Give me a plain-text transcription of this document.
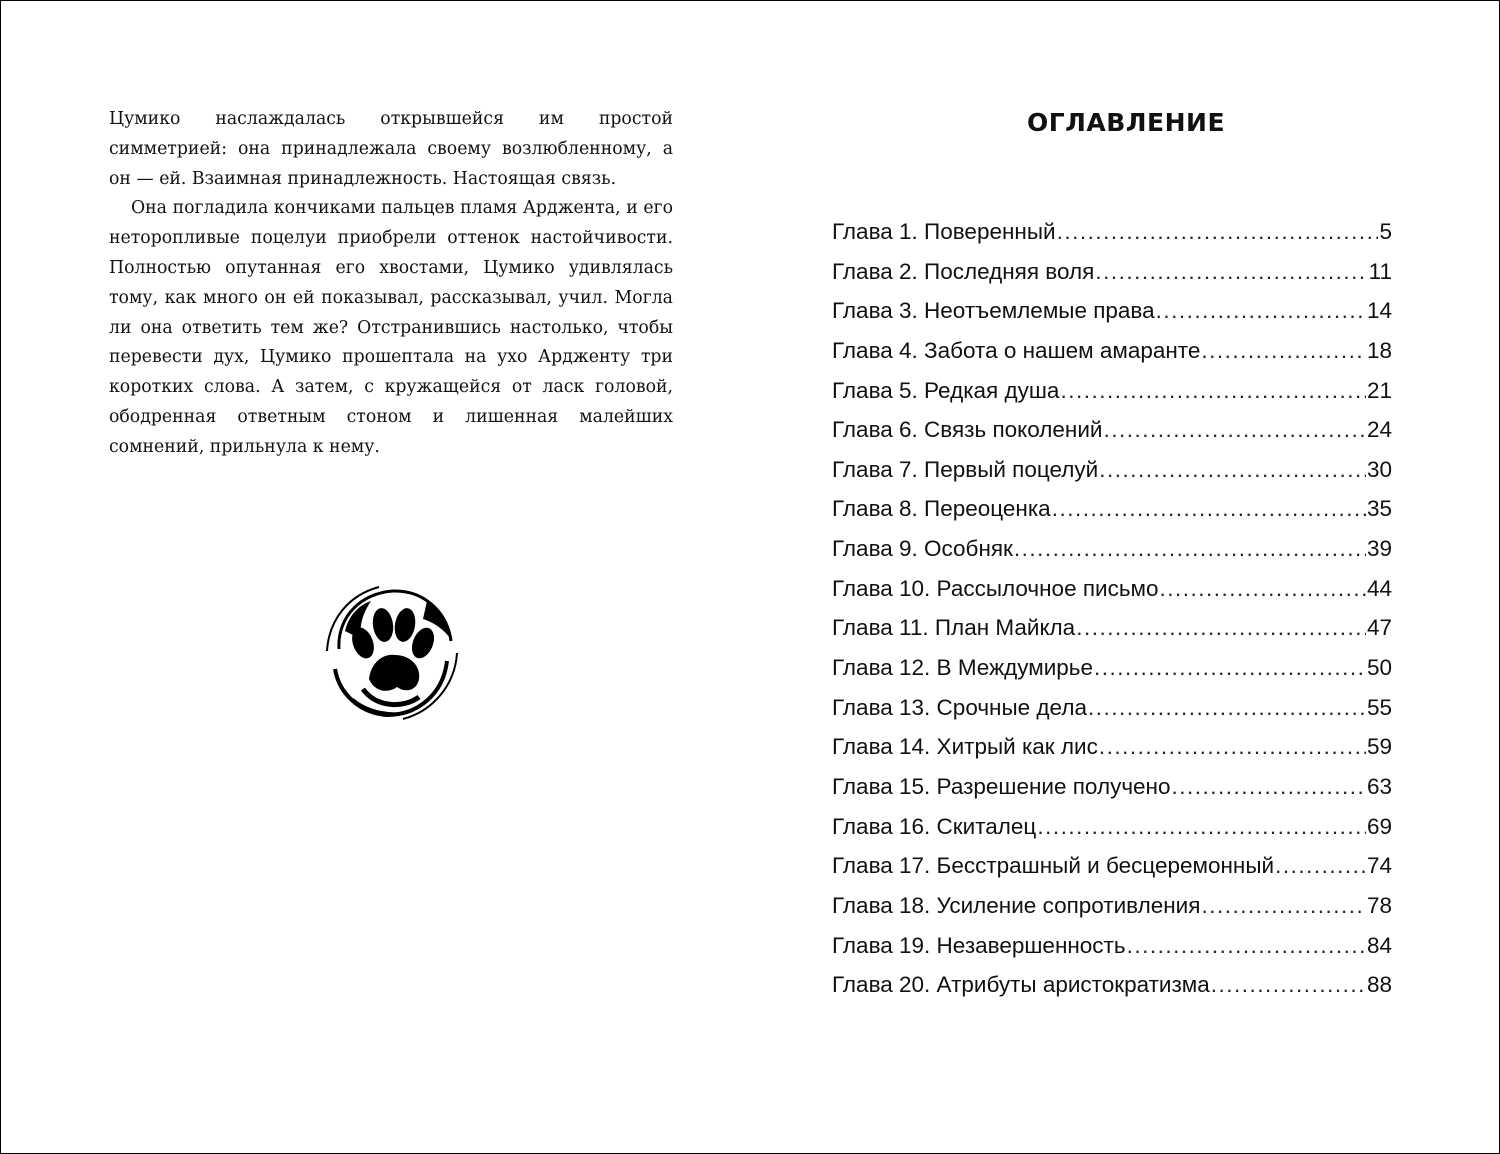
Цумико наслаждалась открывшейся им простой симметрией: она принадлежала своему возлюбленному, а он — ей. Взаимная принадлежность. Настоящая связь.

Она погладила кончиками пальцев пламя Арджента, и его неторопливые поцелуи приобрели оттенок настойчивости. Полностью опутанная его хвостами, Цумико удивлялась тому, как много он ей показывал, рассказывал, учил. Могла ли она ответить тем же? Отстранившись настолько, чтобы перевести дух, Цумико прошептала на ухо Ардженту три коротких слова. А затем, с кружащейся от ласк головой, ободренная ответным стоном и лишенная малейших сомнений, прильнула к нему.

ОГЛАВЛЕНИЕ
Глава 1. Поверенный .....	5
Глава 2. Последняя воля .....	11
Глава 3. Неотъемлемые права .....	14
Глава 4. Забота о нашем амаранте .....	18
Глава 5. Редкая душа .....	21
Глава 6. Связь поколений .....	24
Глава 7. Первый поцелуй .....	30
Глава 8. Переоценка .....	35
Глава 9. Особняк .....	39
Глава 10. Рассылочное письмо .....	44
Глава 11. План Майкла .....	47
Глава 12. В Междумирье .....	50
Глава 13. Срочные дела .....	55
Глава 14. Хитрый как лис .....	59
Глава 15. Разрешение получено .....	63
Глава 16. Скиталец .....	69
Глава 17. Бесстрашный и бесцеремонный .....	74
Глава 18. Усиление сопротивления .....	78
Глава 19. Незавершенность .....	84
Глава 20. Атрибуты аристократизма .....	88
